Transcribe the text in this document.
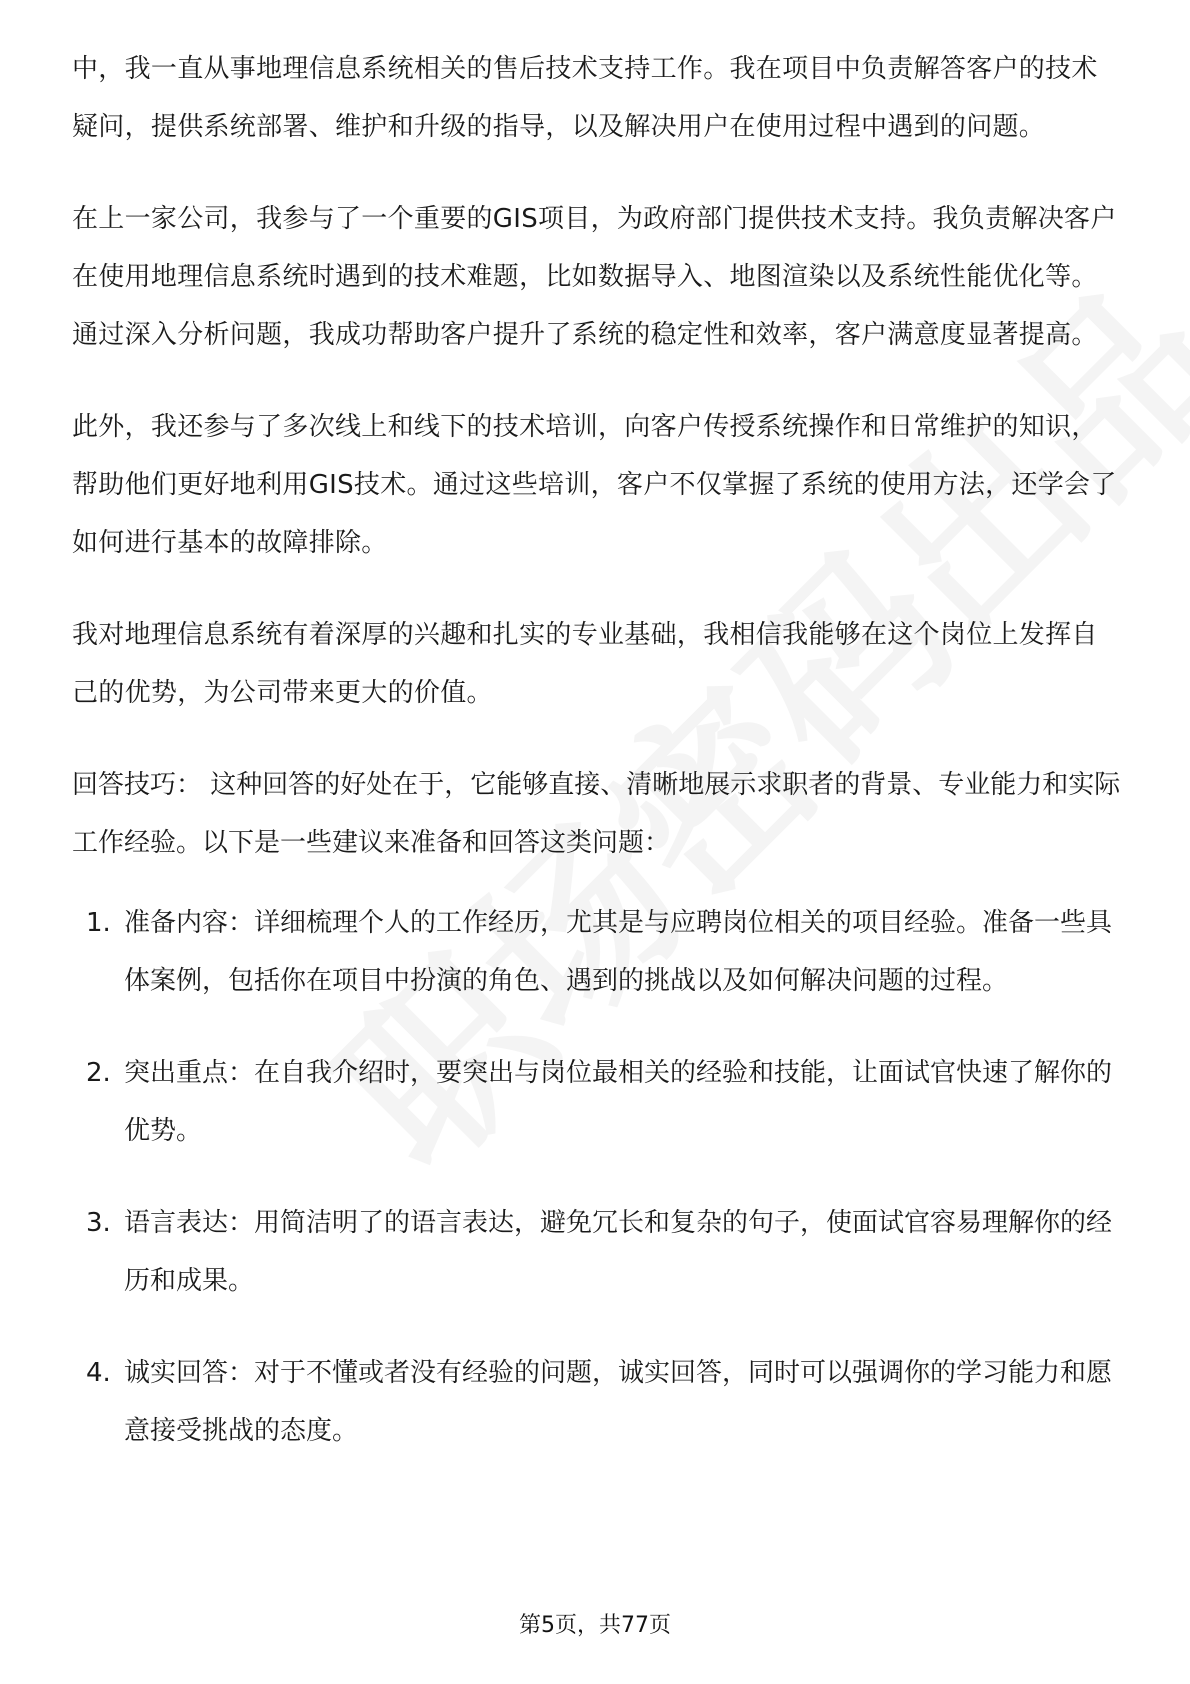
中，我一直从事地理信息系统相关的售后技术支持工作。我在项目中负责解答客户的技术疑问，提供系统部署、维护和升级的指导，以及解决用户在使用过程中遇到的问题。

在上一家公司，我参与了一个重要的GIS项目，为政府部门提供技术支持。我负责解决客户在使用地理信息系统时遇到的技术难题，比如数据导入、地图渲染以及系统性能优化等。通过深入分析问题，我成功帮助客户提升了系统的稳定性和效率，客户满意度显著提高。

此外，我还参与了多次线上和线下的技术培训，向客户传授系统操作和日常维护的知识，帮助他们更好地利用GIS技术。通过这些培训，客户不仅掌握了系统的使用方法，还学会了如何进行基本的故障排除。

我对地理信息系统有着深厚的兴趣和扎实的专业基础，我相信我能够在这个岗位上发挥自己的优势，为公司带来更大的价值。

回答技巧： 这种回答的好处在于，它能够直接、清晰地展示求职者的背景、专业能力和实际工作经验。以下是一些建议来准备和回答这类问题：

1. 准备内容：详细梳理个人的工作经历，尤其是与应聘岗位相关的项目经验。准备一些具体案例，包括你在项目中扮演的角色、遇到的挑战以及如何解决问题的过程。
2. 突出重点：在自我介绍时，要突出与岗位最相关的经验和技能，让面试官快速了解你的优势。
3. 语言表达：用简洁明了的语言表达，避免冗长和复杂的句子，使面试官容易理解你的经历和成果。
4. 诚实回答：对于不懂或者没有经验的问题，诚实回答，同时可以强调你的学习能力和愿意接受挑战的态度。
第5页，共77页
